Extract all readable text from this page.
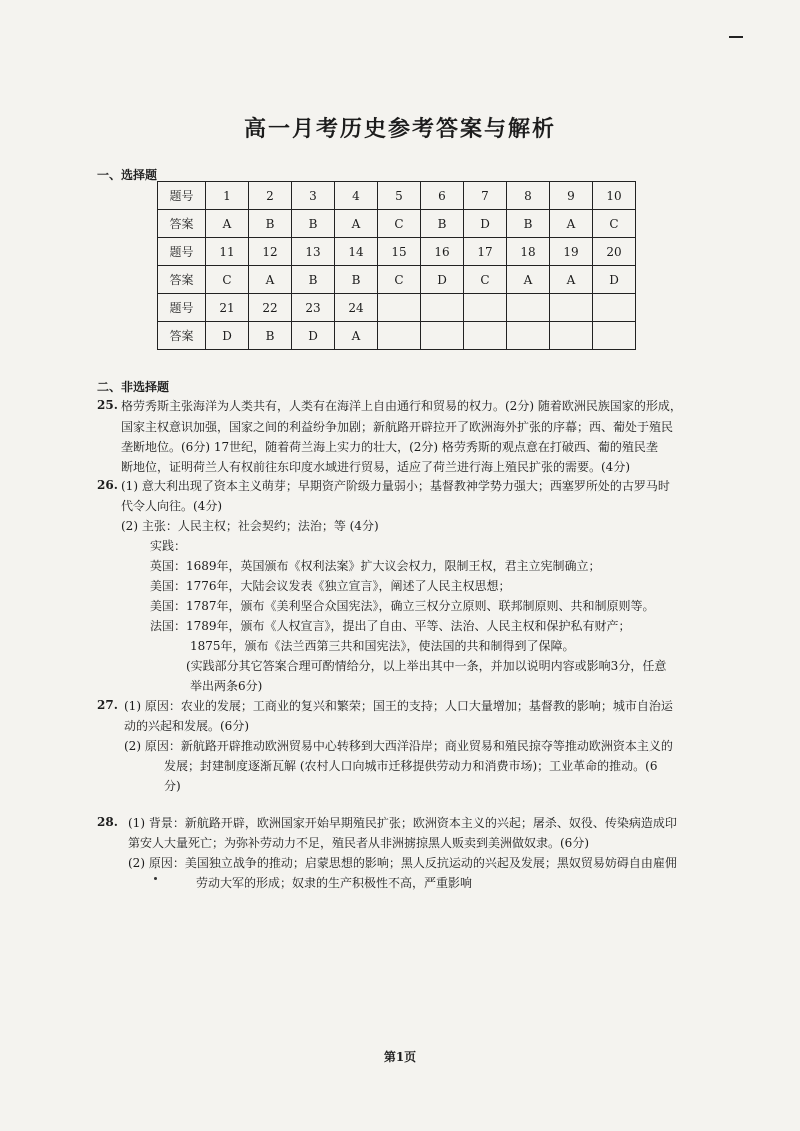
高一月考历史参考答案与解析
一、选择题
题号	1	2	3	4	5	6	7	8	9	10
答案	A	B	B	A	C	B	D	B	A	C
题号	11	12	13	14	15	16	17	18	19	20
答案	C	A	B	B	C	D	C	A	A	D
题号	21	22	23	24						
答案	D	B	D	A						
二、非选择题
25. 格劳秀斯主张海洋为人类共有，人类有在海洋上自由通行和贸易的权力。(2分) 随着欧洲民族国家的形成，
国家主权意识加强，国家之间的利益纷争加剧；新航路开辟拉开了欧洲海外扩张的序幕；西、葡处于殖民
垄断地位。(6分) 17世纪，随着荷兰海上实力的壮大，(2分) 格劳秀斯的观点意在打破西、葡的殖民垄
断地位，证明荷兰人有权前往东印度水域进行贸易，适应了荷兰进行海上殖民扩张的需要。(4分)
26. (1) 意大利出现了资本主义萌芽；早期资产阶级力量弱小；基督教神学势力强大；西塞罗所处的古罗马时
代令人向往。(4分)
(2) 主张：人民主权；社会契约；法治；等 (4分)
实践：
英国：1689年，英国颁布《权利法案》扩大议会权力，限制王权，君主立宪制确立；
美国：1776年，大陆会议发表《独立宣言》，阐述了人民主权思想；
美国：1787年，颁布《美利坚合众国宪法》，确立三权分立原则、联邦制原则、共和制原则等。
法国：1789年，颁布《人权宣言》，提出了自由、平等、法治、人民主权和保护私有财产；
1875年，颁布《法兰西第三共和国宪法》，使法国的共和制得到了保障。
(实践部分其它答案合理可酌情给分，以上举出其中一条，并加以说明内容或影响3分，任意
举出两条6分)
27. (1) 原因：农业的发展；工商业的复兴和繁荣；国王的支持；人口大量增加；基督教的影响；城市自治运
动的兴起和发展。(6分)
(2) 原因：新航路开辟推动欧洲贸易中心转移到大西洋沿岸；商业贸易和殖民掠夺等推动欧洲资本主义的
发展；封建制度逐渐瓦解 (农村人口向城市迁移提供劳动力和消费市场)；工业革命的推动。(6
分)
28. (1) 背景：新航路开辟，欧洲国家开始早期殖民扩张；欧洲资本主义的兴起；屠杀、奴役、传染病造成印
第安人大量死亡；为弥补劳动力不足，殖民者从非洲掳掠黑人贩卖到美洲做奴隶。(6分)
(2) 原因：美国独立战争的推动；启蒙思想的影响；黑人反抗运动的兴起及发展；黑奴贸易妨碍自由雇佣
劳动大军的形成；奴隶的生产积极性不高，严重影响
第1页
